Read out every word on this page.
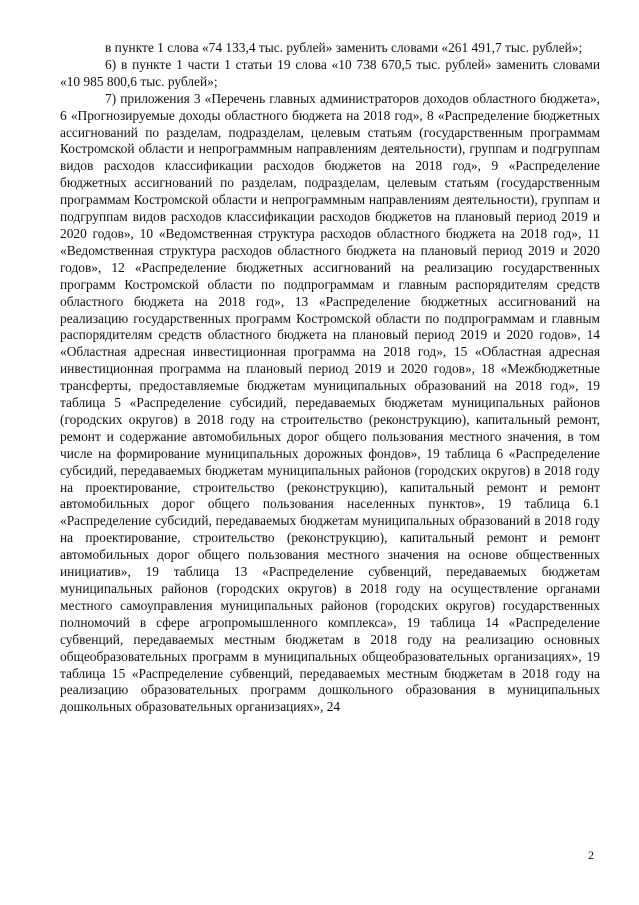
в пункте 1 слова «74 133,4 тыс. рублей» заменить словами «261 491,7 тыс. рублей»;

6) в пункте 1 части 1 статьи 19 слова «10 738 670,5 тыс. рублей» заменить словами «10 985 800,6 тыс. рублей»;

7) приложения 3 «Перечень главных администраторов доходов областного бюджета», 6 «Прогнозируемые доходы областного бюджета на 2018 год», 8 «Распределение бюджетных ассигнований по разделам, подразделам, целевым статьям (государственным программам Костромской области и непрограммным направлениям деятельности), группам и подгруппам видов расходов классификации расходов бюджетов на 2018 год», 9 «Распределение бюджетных ассигнований по разделам, подразделам, целевым статьям (государственным программам Костромской области и непрограммным направлениям деятельности), группам и подгруппам видов расходов классификации расходов бюджетов на плановый период 2019 и 2020 годов», 10 «Ведомственная структура расходов областного бюджета на 2018 год», 11 «Ведомственная структура расходов областного бюджета на плановый период 2019 и 2020 годов», 12 «Распределение бюджетных ассигнований на реализацию государственных программ Костромской области по подпрограммам и главным распорядителям средств областного бюджета на 2018 год», 13 «Распределение бюджетных ассигнований на реализацию государственных программ Костромской области по подпрограммам и главным распорядителям средств областного бюджета на плановый период 2019 и 2020 годов», 14 «Областная адресная инвестиционная программа на 2018 год», 15 «Областная адресная инвестиционная программа на плановый период 2019 и 2020 годов», 18 «Межбюджетные трансферты, предоставляемые бюджетам муниципальных образований на 2018 год», 19 таблица 5 «Распределение субсидий, передаваемых бюджетам муниципальных районов (городских округов) в 2018 году на строительство (реконструкцию), капитальный ремонт, ремонт и содержание автомобильных дорог общего пользования местного значения, в том числе на формирование муниципальных дорожных фондов», 19 таблица 6 «Распределение субсидий, передаваемых бюджетам муниципальных районов (городских округов) в 2018 году на проектирование, строительство (реконструкцию), капитальный ремонт и ремонт автомобильных дорог общего пользования населенных пунктов», 19 таблица 6.1 «Распределение субсидий, передаваемых бюджетам муниципальных образований в 2018 году на проектирование, строительство (реконструкцию), капитальный ремонт и ремонт автомобильных дорог общего пользования местного значения на основе общественных инициатив», 19 таблица 13 «Распределение субвенций, передаваемых бюджетам муниципальных районов (городских округов) в 2018 году на осуществление органами местного самоуправления муниципальных районов (городских округов) государственных полномочий в сфере агропромышленного комплекса», 19 таблица 14 «Распределение субвенций, передаваемых местным бюджетам в 2018 году на реализацию основных общеобразовательных программ в муниципальных общеобразовательных организациях», 19 таблица 15 «Распределение субвенций, передаваемых местным бюджетам в 2018 году на реализацию образовательных программ дошкольного образования в муниципальных дошкольных образовательных организациях», 24

2
